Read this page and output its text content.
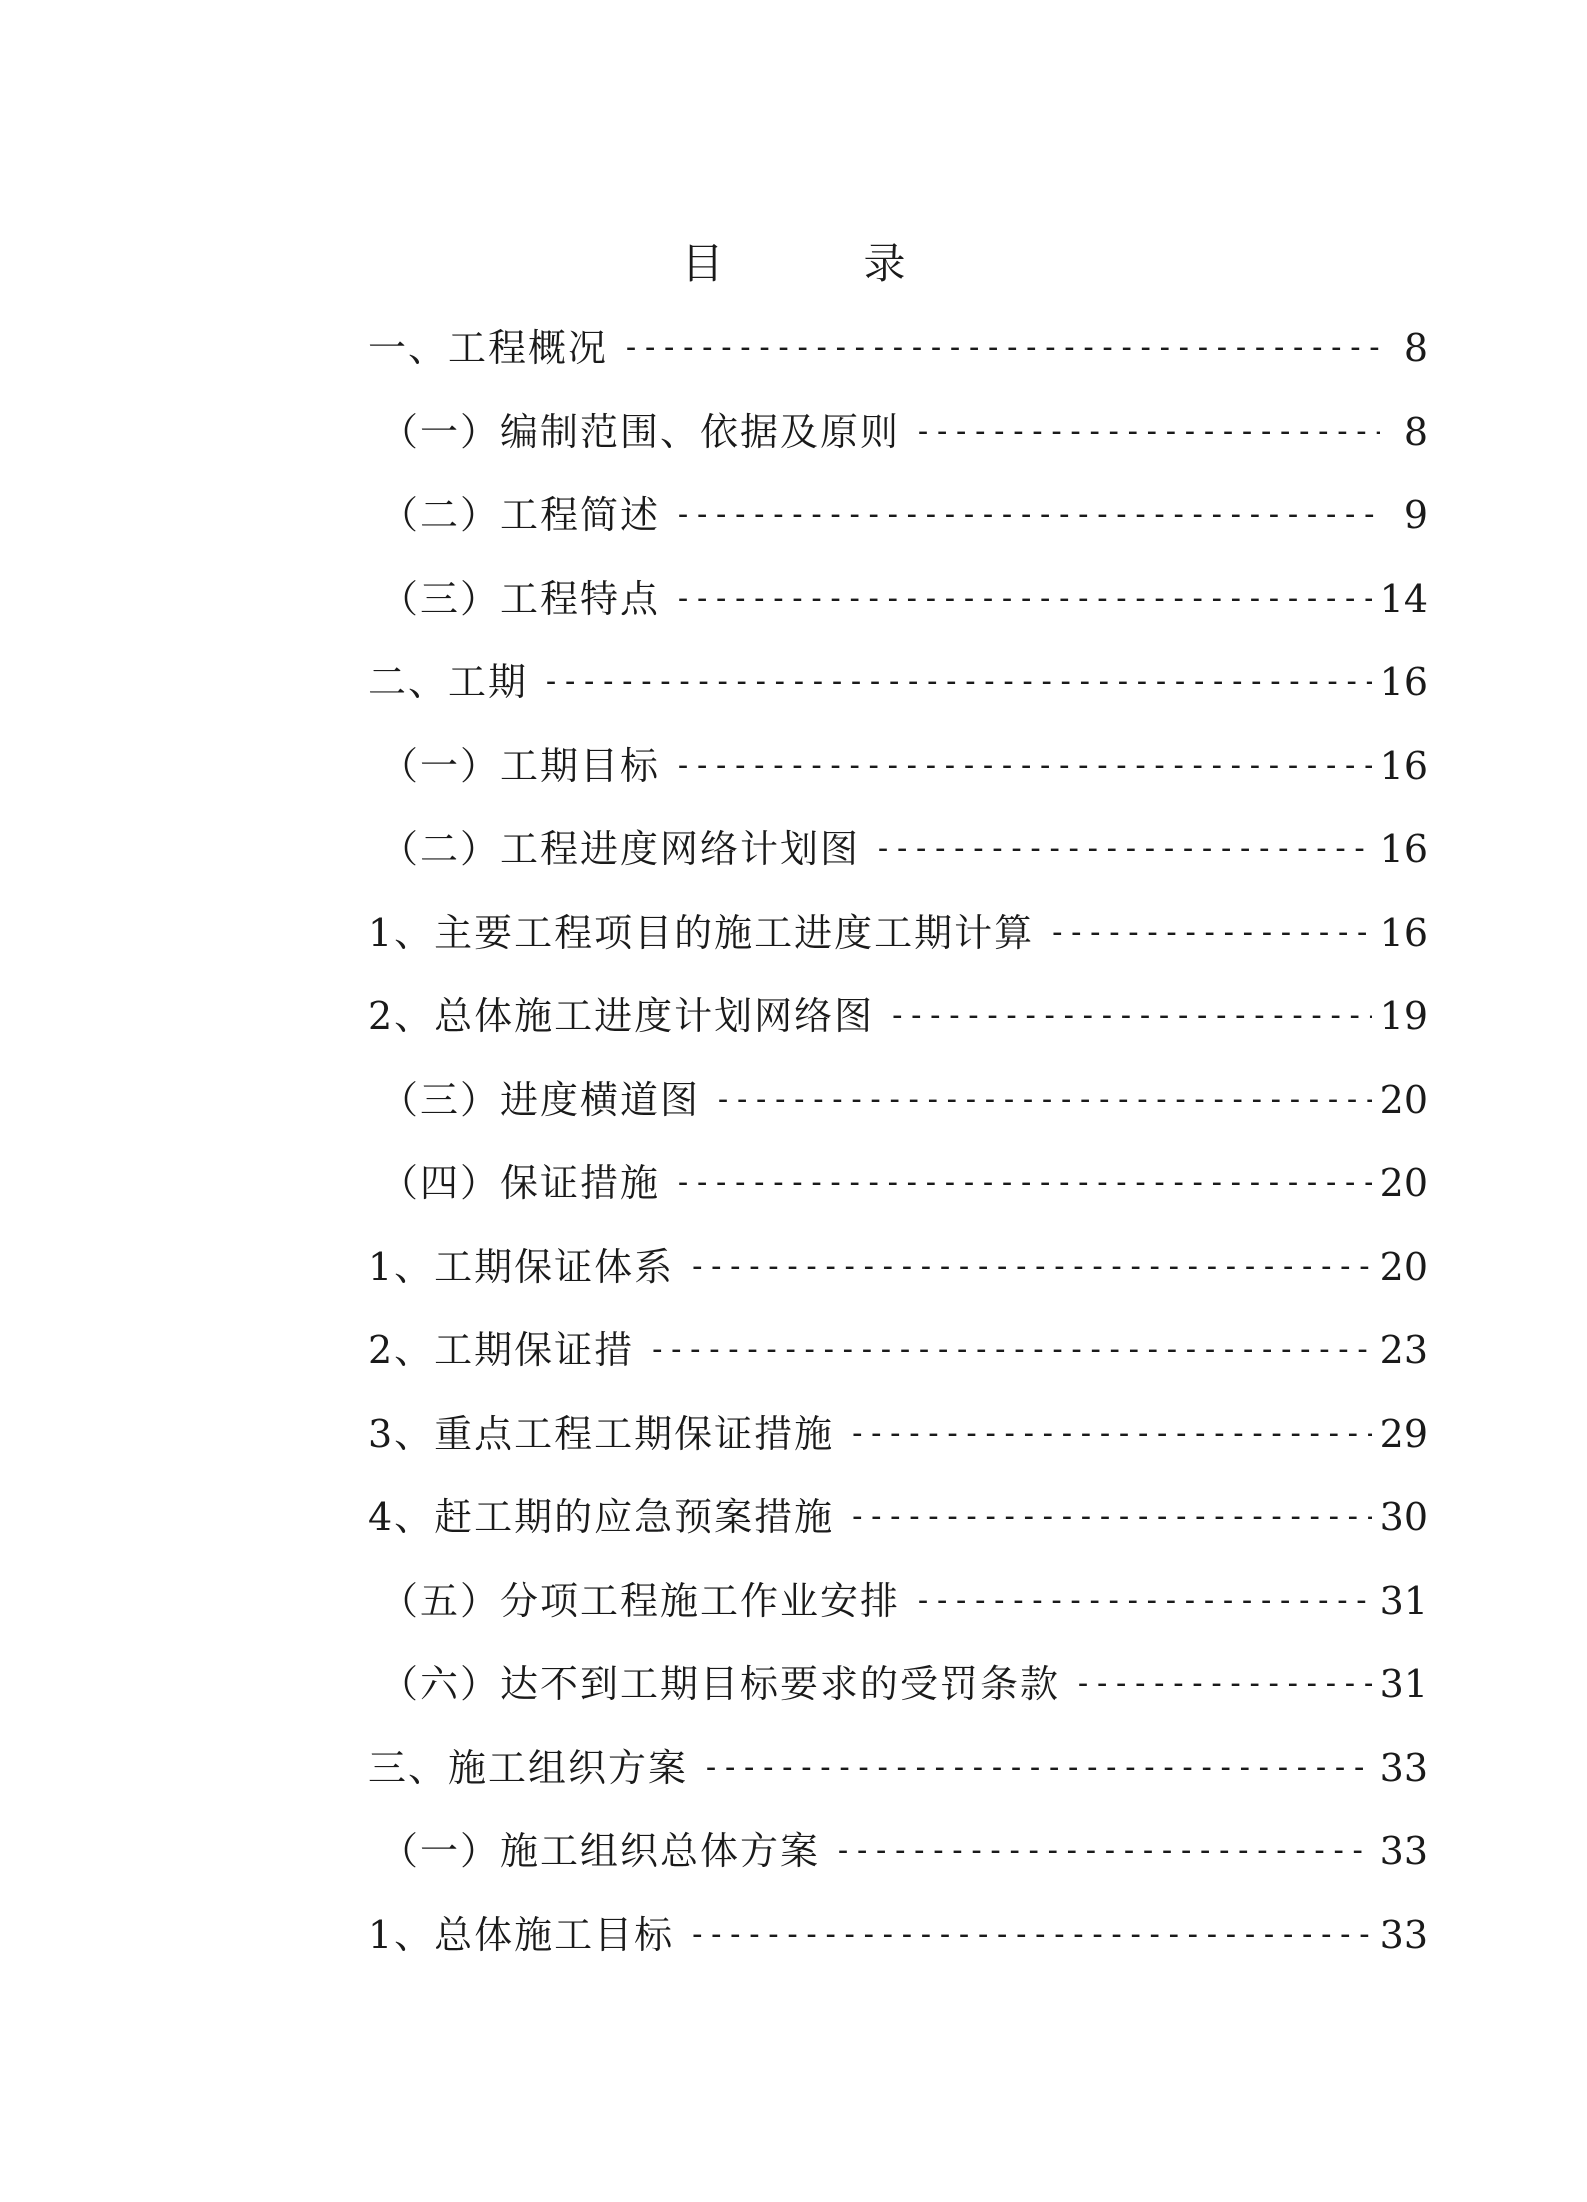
目	录
一、工程概况 -----	8
（一）编制范围、依据及原则 -----	8
（二）工程简述 -----	9
（三）工程特点 -----	14
二、工期 -----	16
（一）工期目标 -----	16
（二）工程进度网络计划图 -----	16
1、主要工程项目的施工进度工期计算 -----	16
2、总体施工进度计划网络图 -----	19
（三）进度横道图 -----	20
（四）保证措施 -----	20
1、工期保证体系 -----	20
2、工期保证措 -----	23
3、重点工程工期保证措施 -----	29
4、赶工期的应急预案措施 -----	30
（五）分项工程施工作业安排 -----	31
（六）达不到工期目标要求的受罚条款 -----	31
三、施工组织方案 -----	33
（一）施工组织总体方案 -----	33
1、总体施工目标 -----	33
